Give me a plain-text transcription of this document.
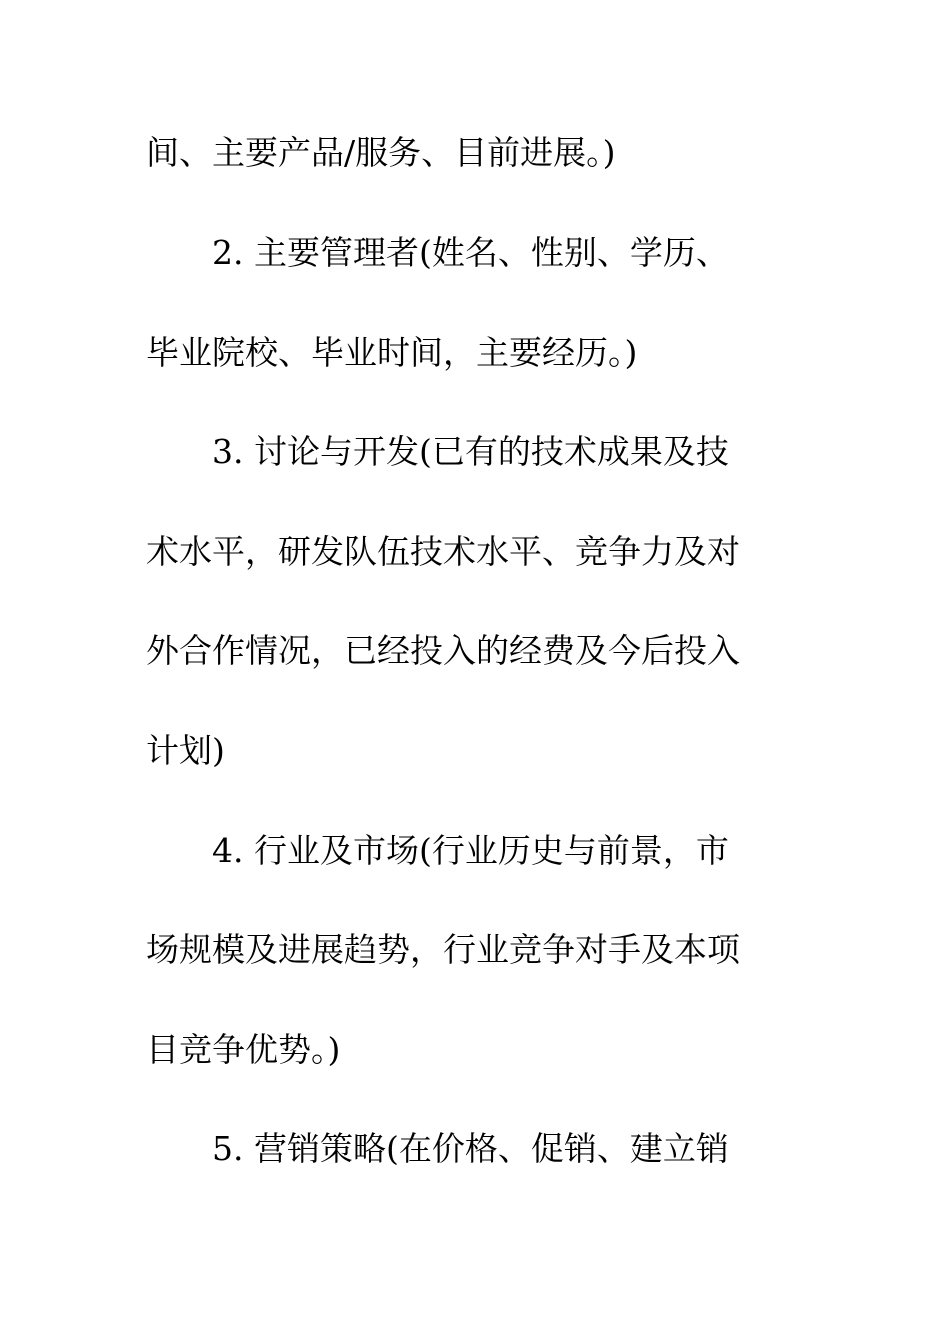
间、主要产品/服务、目前进展。)
2. 主要管理者(姓名、性别、学历、
毕业院校、毕业时间，主要经历。)
3. 讨论与开发(已有的技术成果及技
术水平，研发队伍技术水平、竞争力及对
外合作情况，已经投入的经费及今后投入
计划)
4. 行业及市场(行业历史与前景，市
场规模及进展趋势，行业竞争对手及本项
目竞争优势。)
5. 营销策略(在价格、促销、建立销
